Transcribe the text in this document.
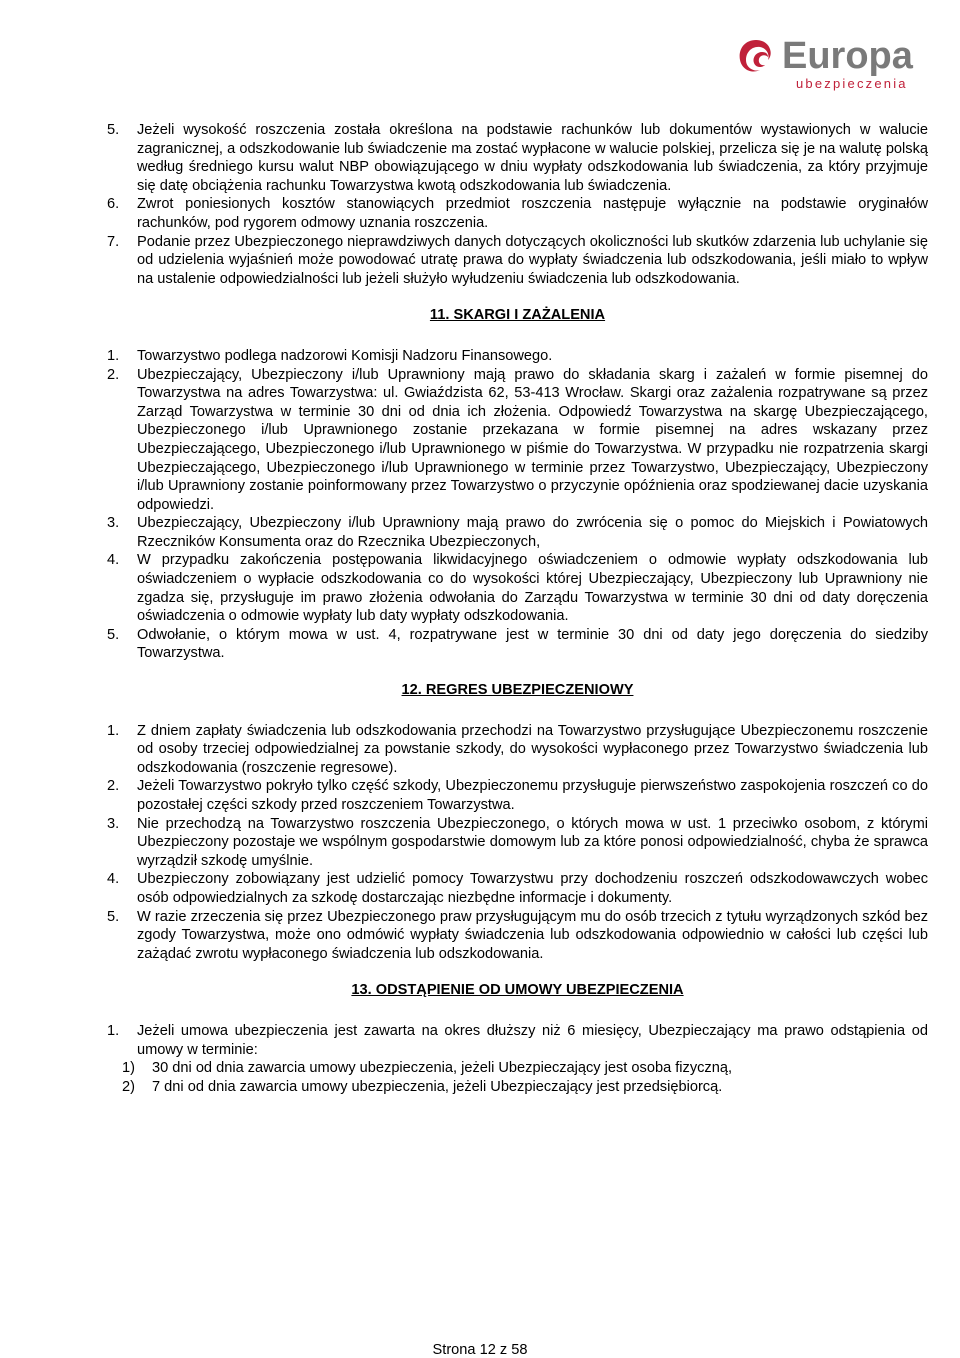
Europa
ubezpieczenia
5. Jeżeli wysokość roszczenia została określona na podstawie rachunków lub dokumentów wystawionych w walucie zagranicznej, a odszkodowanie lub świadczenie ma zostać wypłacone w walucie polskiej, przelicza się je na walutę polską według średniego kursu walut NBP obowiązującego w dniu wypłaty odszkodowania lub świadczenia, za który przyjmuje się datę obciążenia rachunku Towarzystwa kwotą odszkodowania lub świadczenia.
6. Zwrot poniesionych kosztów stanowiących przedmiot roszczenia następuje wyłącznie na podstawie oryginałów rachunków, pod rygorem odmowy uznania roszczenia.
7. Podanie przez Ubezpieczonego nieprawdziwych danych dotyczących okoliczności lub skutków zdarzenia lub uchylanie się od udzielenia wyjaśnień może powodować utratę prawa do wypłaty świadczenia lub odszkodowania, jeśli miało to wpływ na ustalenie odpowiedzialności lub jeżeli służyło wyłudzeniu świadczenia lub odszkodowania.
11. SKARGI I ZAŻALENIA
1. Towarzystwo podlega nadzorowi Komisji Nadzoru Finansowego.
2. Ubezpieczający, Ubezpieczony i/lub Uprawniony mają prawo do składania skarg i zażaleń w formie pisemnej do Towarzystwa na adres Towarzystwa: ul. Gwiaździsta 62, 53-413 Wrocław. Skargi oraz zażalenia rozpatrywane są przez Zarząd Towarzystwa w terminie 30 dni od dnia ich złożenia. Odpowiedź Towarzystwa na skargę Ubezpieczającego, Ubezpieczonego i/lub Uprawnionego zostanie przekazana w formie pisemnej na adres wskazany przez Ubezpieczającego, Ubezpieczonego i/lub Uprawnionego w piśmie do Towarzystwa. W przypadku nie rozpatrzenia skargi Ubezpieczającego, Ubezpieczonego i/lub Uprawnionego w terminie przez Towarzystwo, Ubezpieczający, Ubezpieczony i/lub Uprawniony zostanie poinformowany przez Towarzystwo o przyczynie opóźnienia oraz spodziewanej dacie uzyskania odpowiedzi.
3. Ubezpieczający, Ubezpieczony i/lub Uprawniony mają prawo do zwrócenia się o pomoc do Miejskich i Powiatowych Rzeczników Konsumenta oraz do Rzecznika Ubezpieczonych,
4. W przypadku zakończenia postępowania likwidacyjnego oświadczeniem o odmowie wypłaty odszkodowania lub oświadczeniem o wypłacie odszkodowania co do wysokości której Ubezpieczający, Ubezpieczony lub Uprawniony nie zgadza się, przysługuje im prawo złożenia odwołania do Zarządu Towarzystwa w terminie 30 dni od daty doręczenia oświadczenia o odmowie wypłaty lub daty wypłaty odszkodowania.
5. Odwołanie, o którym mowa w ust. 4, rozpatrywane jest w terminie 30 dni od daty jego doręczenia do siedziby Towarzystwa.
12. REGRES UBEZPIECZENIOWY
1. Z dniem zapłaty świadczenia lub odszkodowania przechodzi na Towarzystwo przysługujące Ubezpieczonemu roszczenie od osoby trzeciej odpowiedzialnej za powstanie szkody, do wysokości wypłaconego przez Towarzystwo świadczenia lub odszkodowania (roszczenie regresowe).
2. Jeżeli Towarzystwo pokryło tylko część szkody, Ubezpieczonemu przysługuje pierwszeństwo zaspokojenia roszczeń co do pozostałej części szkody przed roszczeniem Towarzystwa.
3. Nie przechodzą na Towarzystwo roszczenia Ubezpieczonego, o których mowa w ust. 1 przeciwko osobom, z którymi Ubezpieczony pozostaje we wspólnym gospodarstwie domowym lub za które ponosi odpowiedzialność, chyba że sprawca wyrządził szkodę umyślnie.
4. Ubezpieczony zobowiązany jest udzielić pomocy Towarzystwu przy dochodzeniu roszczeń odszkodowawczych wobec osób odpowiedzialnych za szkodę dostarczając niezbędne informacje i dokumenty.
5. W razie zrzeczenia się przez Ubezpieczonego praw przysługującym mu do osób trzecich z tytułu wyrządzonych szkód bez zgody Towarzystwa, może ono odmówić wypłaty świadczenia lub odszkodowania odpowiednio w całości lub części lub zażądać zwrotu wypłaconego świadczenia lub odszkodowania.
13. ODSTĄPIENIE OD UMOWY UBEZPIECZENIA
1. Jeżeli umowa ubezpieczenia jest zawarta na okres dłuższy niż 6 miesięcy, Ubezpieczający ma prawo odstąpienia od umowy w terminie:
1) 30 dni od dnia zawarcia umowy ubezpieczenia, jeżeli Ubezpieczający jest osoba fizyczną,
2) 7 dni od dnia zawarcia umowy ubezpieczenia, jeżeli Ubezpieczający jest przedsiębiorcą.
Strona 12 z 58
